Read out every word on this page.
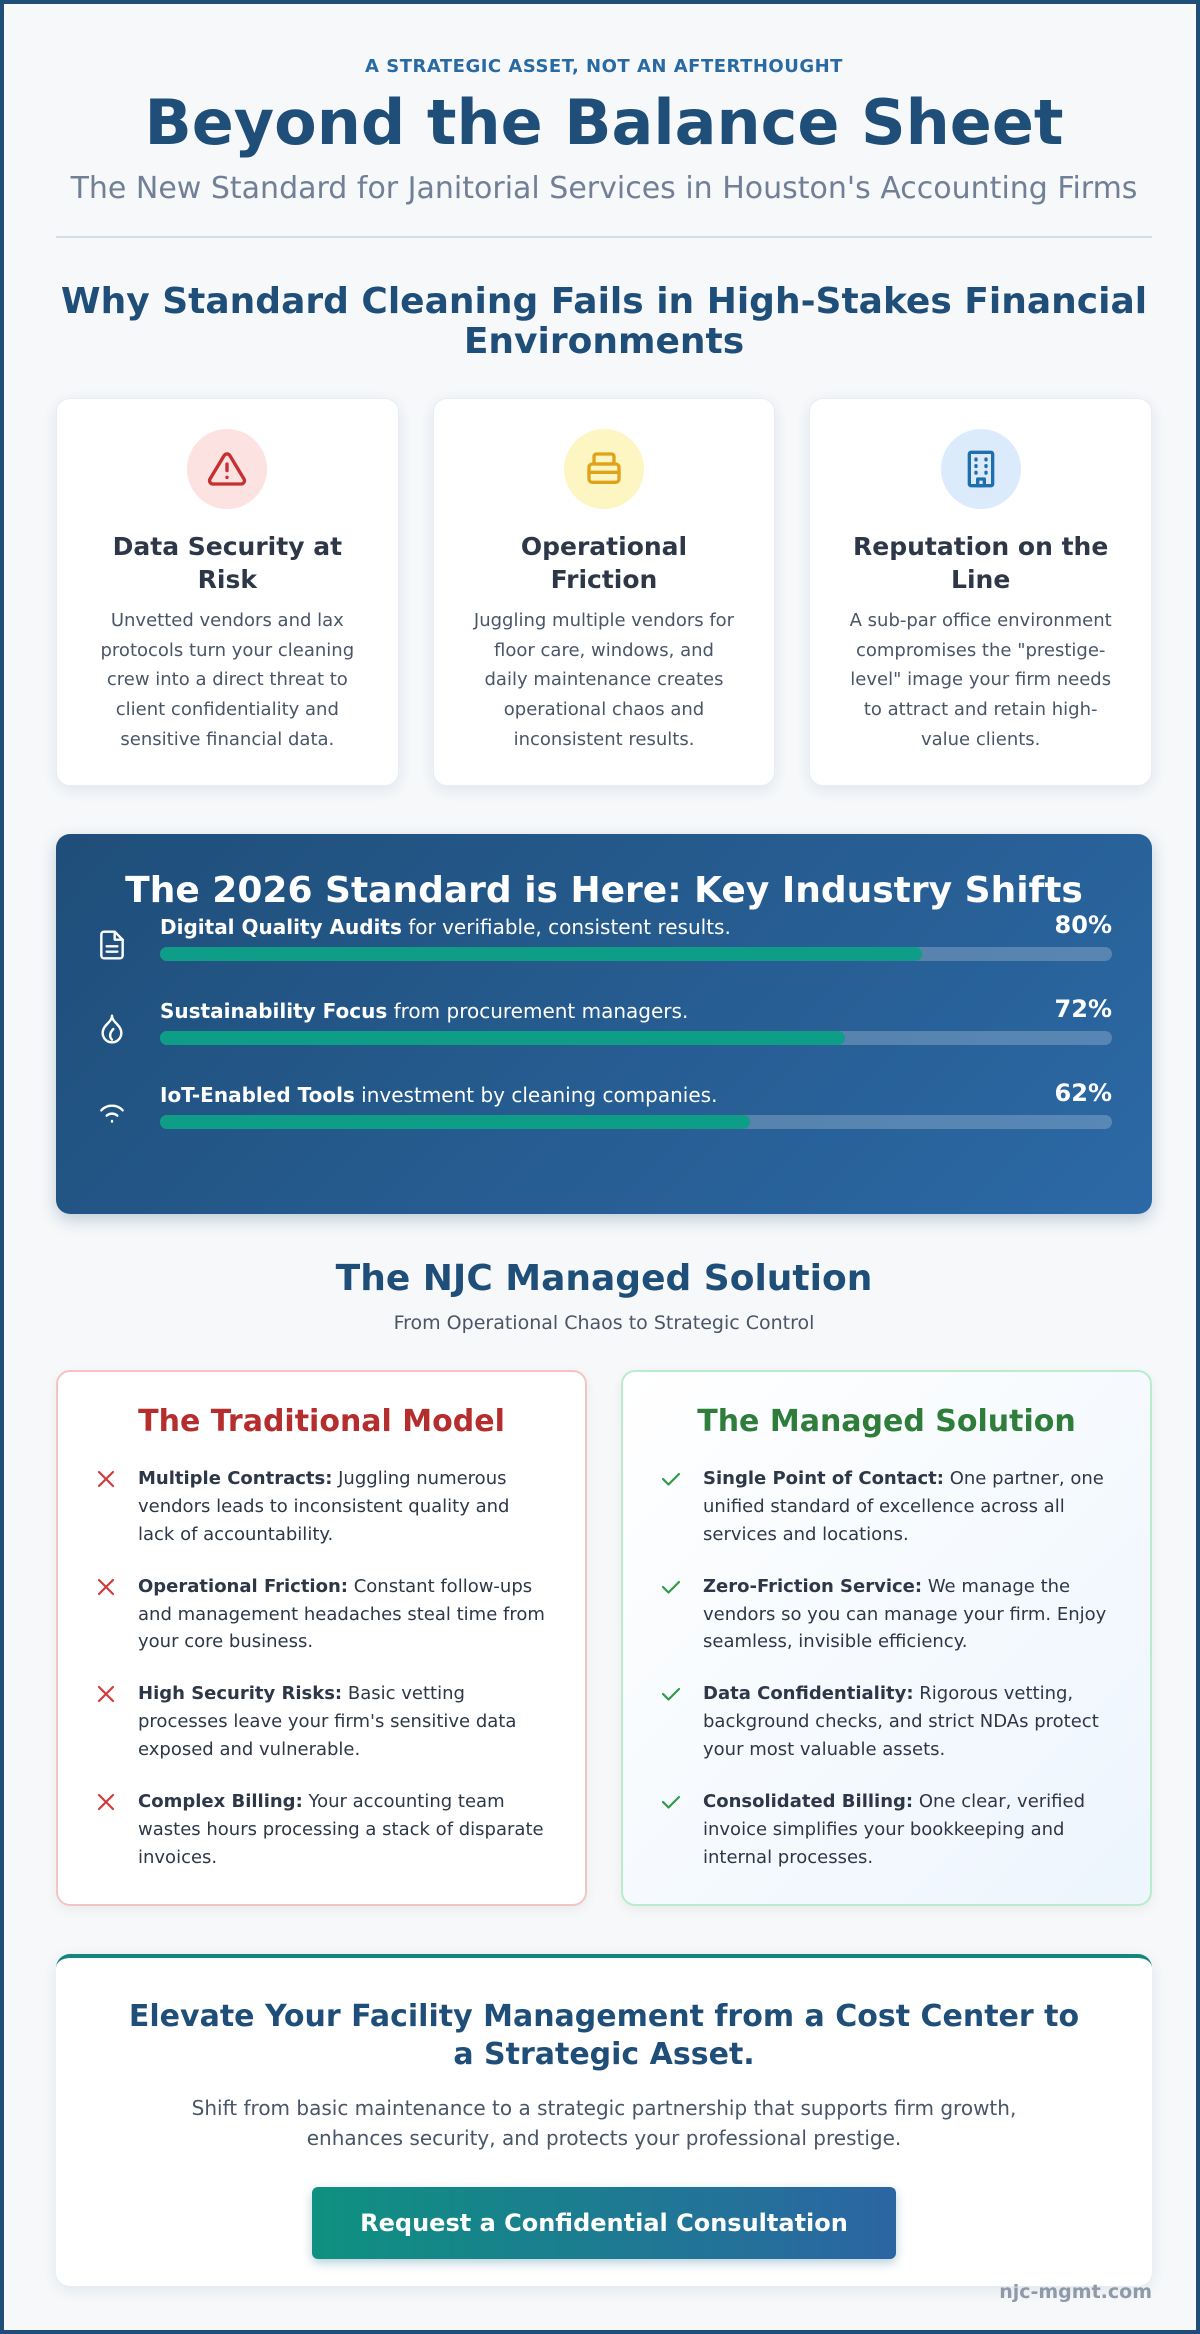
A STRATEGIC ASSET, NOT AN AFTERTHOUGHT
Beyond the Balance Sheet
The New Standard for Janitorial Services in Houston's Accounting Firms
Why Standard Cleaning Fails in High-Stakes Financial Environments
Data Security at Risk
Unvetted vendors and lax protocols turn your cleaning crew into a direct threat to client confidentiality and sensitive financial data.
Operational Friction
Juggling multiple vendors for floor care, windows, and daily maintenance creates operational chaos and inconsistent results.
Reputation on the Line
A sub-par office environment compromises the "prestige-level" image your firm needs to attract and retain high-value clients.
The 2026 Standard is Here: Key Industry Shifts
Digital Quality Audits for verifiable, consistent results.	80%
Sustainability Focus from procurement managers.	72%
IoT-Enabled Tools investment by cleaning companies.	62%
The NJC Managed Solution
From Operational Chaos to Strategic Control
The Traditional Model
Multiple Contracts: Juggling numerous vendors leads to inconsistent quality and lack of accountability.
Operational Friction: Constant follow-ups and management headaches steal time from your core business.
High Security Risks: Basic vetting processes leave your firm's sensitive data exposed and vulnerable.
Complex Billing: Your accounting team wastes hours processing a stack of disparate invoices.
The Managed Solution
Single Point of Contact: One partner, one unified standard of excellence across all services and locations.
Zero-Friction Service: We manage the vendors so you can manage your firm. Enjoy seamless, invisible efficiency.
Data Confidentiality: Rigorous vetting, background checks, and strict NDAs protect your most valuable assets.
Consolidated Billing: One clear, verified invoice simplifies your bookkeeping and internal processes.
Elevate Your Facility Management from a Cost Center to a Strategic Asset.
Shift from basic maintenance to a strategic partnership that supports firm growth, enhances security, and protects your professional prestige.
Request a Confidential Consultation
njc-mgmt.com
